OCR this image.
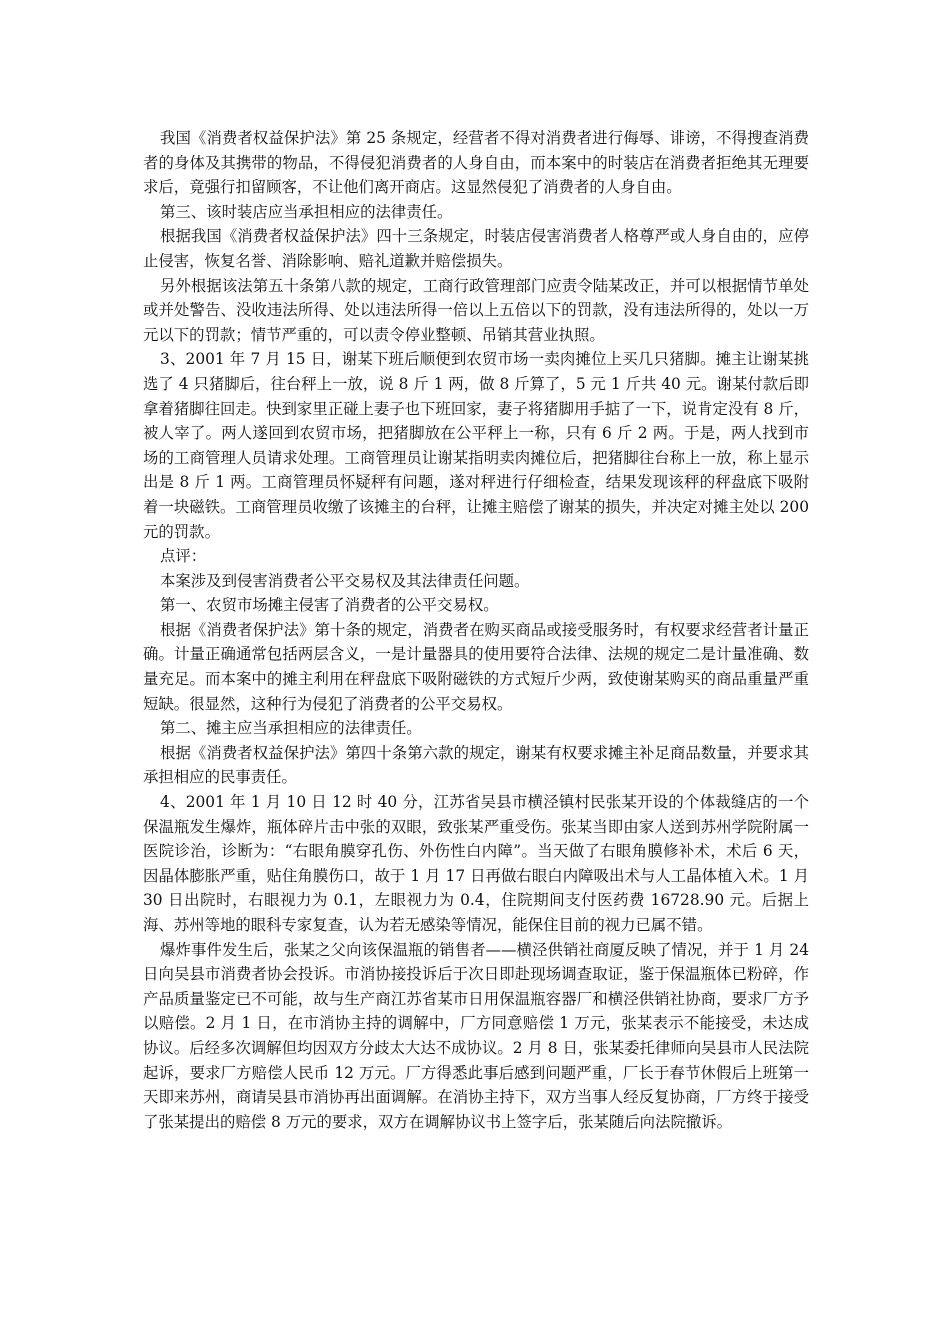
我国《消费者权益保护法》第 25 条规定，经营者不得对消费者进行侮辱、诽谤，不得搜查消费者的身体及其携带的物品，不得侵犯消费者的人身自由，而本案中的时装店在消费者拒绝其无理要求后，竟强行扣留顾客，不让他们离开商店。这显然侵犯了消费者的人身自由。

第三、该时装店应当承担相应的法律责任。

根据我国《消费者权益保护法》四十三条规定，时装店侵害消费者人格尊严或人身自由的，应停止侵害，恢复名誉、消除影响、赔礼道歉并赔偿损失。

另外根据该法第五十条第八款的规定，工商行政管理部门应责令陆某改正，并可以根据情节单处或并处警告、没收违法所得、处以违法所得一倍以上五倍以下的罚款，没有违法所得的，处以一万元以下的罚款；情节严重的，可以责令停业整顿、吊销其营业执照。

3、2001 年 7 月 15 日，谢某下班后顺便到农贸市场一卖肉摊位上买几只猪脚。摊主让谢某挑选了 4 只猪脚后，往台秤上一放，说 8 斤 1 两，做 8 斤算了，5 元 1 斤共 40 元。谢某付款后即拿着猪脚往回走。快到家里正碰上妻子也下班回家，妻子将猪脚用手掂了一下，说肯定没有 8 斤，被人宰了。两人遂回到农贸市场，把猪脚放在公平秤上一称，只有 6 斤 2 两。于是，两人找到市场的工商管理人员请求处理。工商管理员让谢某指明卖肉摊位后，把猪脚往台称上一放，称上显示出是 8 斤 1 两。工商管理员怀疑秤有问题，遂对秤进行仔细检查，结果发现该秤的秤盘底下吸附着一块磁铁。工商管理员收缴了该摊主的台秤，让摊主赔偿了谢某的损失，并决定对摊主处以 200 元的罚款。

点评：

本案涉及到侵害消费者公平交易权及其法律责任问题。

第一、农贸市场摊主侵害了消费者的公平交易权。

根据《消费者保护法》第十条的规定，消费者在购买商品或接受服务时，有权要求经营者计量正确。计量正确通常包括两层含义，一是计量器具的使用要符合法律、法规的规定二是计量准确、数量充足。而本案中的摊主利用在秤盘底下吸附磁铁的方式短斤少两，致使谢某购买的商品重量严重短缺。很显然，这种行为侵犯了消费者的公平交易权。

第二、摊主应当承担相应的法律责任。

根据《消费者权益保护法》第四十条第六款的规定，谢某有权要求摊主补足商品数量，并要求其承担相应的民事责任。

4、2001 年 1 月 10 日 12 时 40 分，江苏省吴县市横泾镇村民张某开设的个体裁缝店的一个保温瓶发生爆炸，瓶体碎片击中张的双眼，致张某严重受伤。张某当即由家人送到苏州学院附属一医院诊治，诊断为：“右眼角膜穿孔伤、外伤性白内障”。当天做了右眼角膜修补术，术后 6 天，因晶体膨胀严重，贴住角膜伤口，故于 1 月 17 日再做右眼白内障吸出术与人工晶体植入术。1 月 30 日出院时，右眼视力为 0.1，左眼视力为 0.4，住院期间支付医药费 16728.90 元。后据上海、苏州等地的眼科专家复查，认为若无感染等情况，能保住目前的视力已属不错。

爆炸事件发生后，张某之父向该保温瓶的销售者——横泾供销社商厦反映了情况，并于 1 月 24 日向吴县市消费者协会投诉。市消协接投诉后于次日即赴现场调查取证，鉴于保温瓶体已粉碎，作产品质量鉴定已不可能，故与生产商江苏省某市日用保温瓶容器厂和横泾供销社协商，要求厂方予以赔偿。2 月 1 日，在市消协主持的调解中，厂方同意赔偿 1 万元，张某表示不能接受，未达成协议。后经多次调解但均因双方分歧太大达不成协议。2 月 8 日，张某委托律师向吴县市人民法院起诉，要求厂方赔偿人民币 12 万元。厂方得悉此事后感到问题严重，厂长于春节休假后上班第一天即来苏州，商请吴县市消协再出面调解。在消协主持下，双方当事人经反复协商，厂方终于接受了张某提出的赔偿 8 万元的要求，双方在调解协议书上签字后，张某随后向法院撤诉。
